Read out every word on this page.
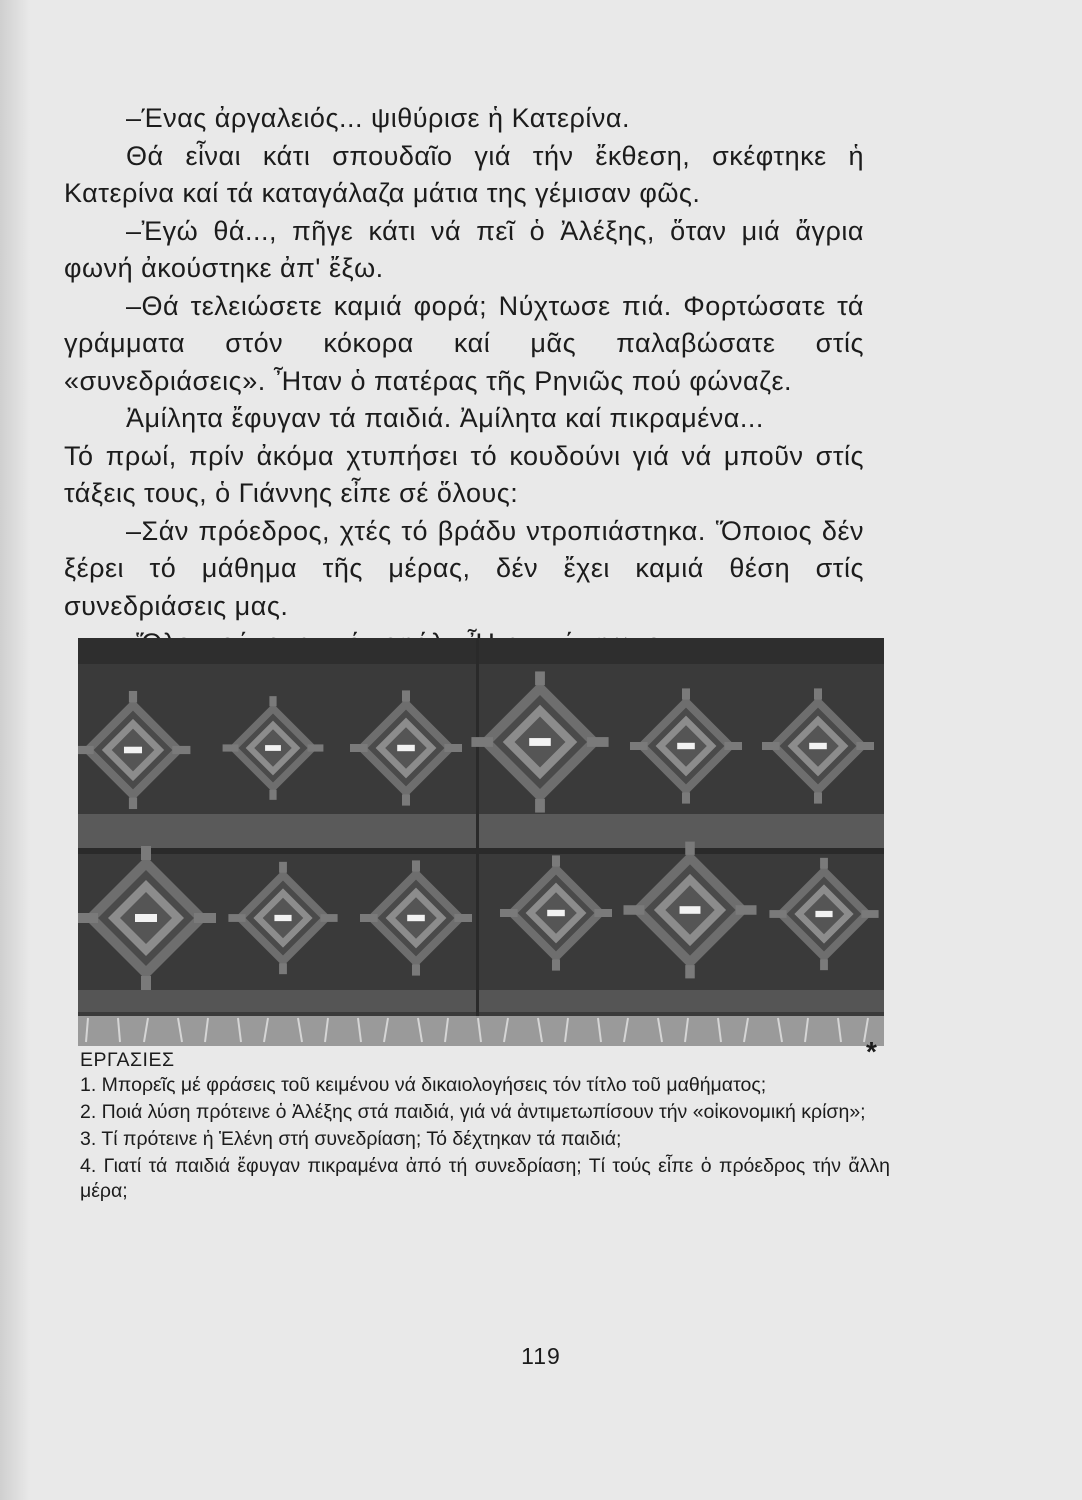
–Ένας ἀργαλειός... ψιθύρισε ἡ Κατερίνα.

Θά εἶναι κάτι σπουδαῖο γιά τήν ἔκθεση, σκέφτηκε ἡ Κατερίνα καί τά καταγάλαζα μάτια της γέμισαν φῶς.

–Ἐγώ θά..., πῆγε κάτι νά πεῖ ὁ Ἀλέξης, ὅταν μιά ἄγρια φωνή ἀκούστηκε ἀπ' ἔξω.

–Θά τελειώσετε καμιά φορά; Νύχτωσε πιά. Φορτώσατε τά γράμματα στόν κόκορα καί μᾶς παλαβώσατε στίς «συνεδριάσεις». Ἦταν ὁ πατέρας τῆς Ρηνιῶς πού φώναζε.

Ἀμίλητα ἔφυγαν τά παιδιά. Ἀμίλητα καί πικραμένα...

Τό πρωί, πρίν ἀκόμα χτυπήσει τό κουδούνι γιά νά μποῦν στίς τάξεις τους, ὁ Γιάννης εἶπε σέ ὅλους:

–Σάν πρόεδρος, χτές τό βράδυ ντροπιάστηκα. Ὅποιος δέν ξέρει τό μάθημα τῆς μέρας, δέν ἔχει καμιά θέση στίς συνεδριάσεις μας.

*

ΕΡΓΑΣΙΕΣ

1. Μπορεῖς μέ φράσεις τοῦ κειμένου νά δικαιολογήσεις τόν τίτλο τοῦ μαθήματος;
2. Ποιά λύση πρότεινε ὁ Ἀλέξης στά παιδιά, γιά νά ἀντιμετωπίσουν τήν «οἰκονομική κρίση»;
3. Τί πρότεινε ἡ Ἑλένη στή συνεδρίαση; Τό δέχτηκαν τά παιδιά;
4. Γιατί τά παιδιά ἔφυγαν πικραμένα ἀπό τή συνεδρίαση; Τί τούς εἶπε ὁ πρόεδρος τήν ἄλλη μέρα;
119
